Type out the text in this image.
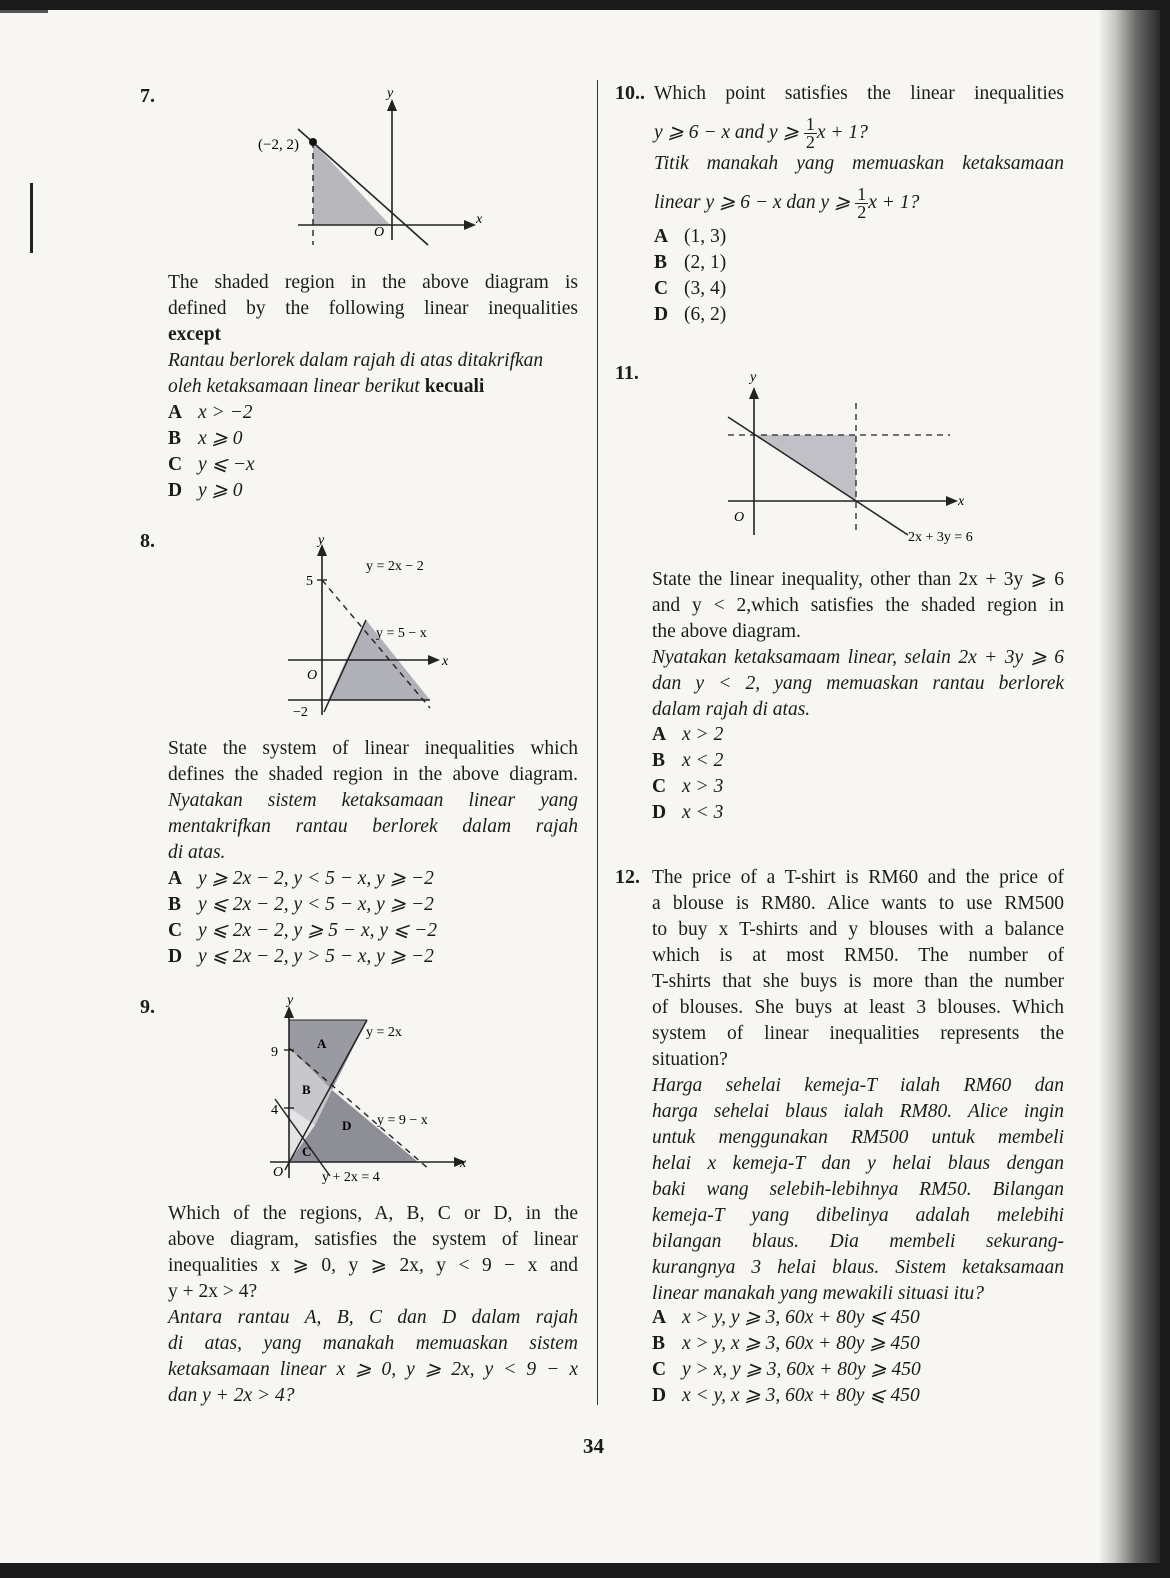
7.	y
x
O
(−2, 2)
The shaded region in the above diagram is
defined by the following linear inequalities
except
Rantau berlorek dalam rajah di atas ditakrifkan
oleh ketaksamaan linear berikut kecuali
A x > −2
B x ⩾ 0
C y ⩽ −x
D y ⩾ 0
8.	y
x
O
5
−2
y = 2x − 2
y = 5 − x
State the system of linear inequalities which
defines the shaded region in the above diagram.
Nyatakan sistem ketaksamaan linear yang
mentakrifkan rantau berlorek dalam rajah
di atas.
A y ⩾ 2x − 2, y < 5 − x, y ⩾ −2
B y ⩽ 2x − 2, y < 5 − x, y ⩾ −2
C y ⩽ 2x − 2, y ⩾ 5 − x, y ⩽ −2
D y ⩽ 2x − 2, y > 5 − x, y ⩾ −2
9.	y
x
O
9
4
A
B
C
D
y = 2x
y = 9 − x
y + 2x = 4
Which of the regions, A, B, C or D, in the
above diagram, satisfies the system of linear
inequalities x ⩾ 0, y ⩾ 2x, y < 9 − x and
y + 2x > 4?
Antara rantau A, B, C dan D dalam rajah
di atas, yang manakah memuaskan sistem
ketaksamaan linear x ⩾ 0, y ⩾ 2x, y < 9 − x
dan y + 2x > 4?
10.. Which point satisfies the linear inequalities
y ⩾ 6 − x and y ⩾ $\frac{1}{2}$ x + 1?
Titik manakah yang memuaskan ketaksamaan
linear y ⩾ 6 − x dan y ⩾ $\frac{1}{2}$ x + 1?
A (1, 3)
B (2, 1)
C (3, 4)
D (6, 2)
11.	y
x
O
2x + 3y = 6
State the linear inequality, other than 2x + 3y ⩾ 6
and y < 2,which satisfies the shaded region in
the above diagram.
Nyatakan ketaksamaam linear, selain 2x + 3y ⩾ 6
dan y < 2, yang memuaskan rantau berlorek
dalam rajah di atas.
A x > 2
B x < 2
C x > 3
D x < 3
12. The price of a T-shirt is RM60 and the price of
a blouse is RM80. Alice wants to use RM500
to buy x T-shirts and y blouses with a balance
which is at most RM50. The number of
T-shirts that she buys is more than the number
of blouses. She buys at least 3 blouses. Which
system of linear inequalities represents the
situation?
Harga sehelai kemeja-T ialah RM60 dan
harga sehelai blaus ialah RM80. Alice ingin
untuk menggunakan RM500 untuk membeli
helai x kemeja-T dan y helai blaus dengan
baki wang selebih-lebihnya RM50. Bilangan
kemeja-T yang dibelinya adalah melebihi
bilangan blaus. Dia membeli sekurang-
kurangnya 3 helai blaus. Sistem ketaksamaan
linear manakah yang mewakili situasi itu?
A x > y, y ⩾ 3, 60x + 80y ⩽ 450
B x > y, x ⩾ 3, 60x + 80y ⩾ 450
C y > x, y ⩾ 3, 60x + 80y ⩾ 450
D x < y, x ⩾ 3, 60x + 80y ⩽ 450
34
